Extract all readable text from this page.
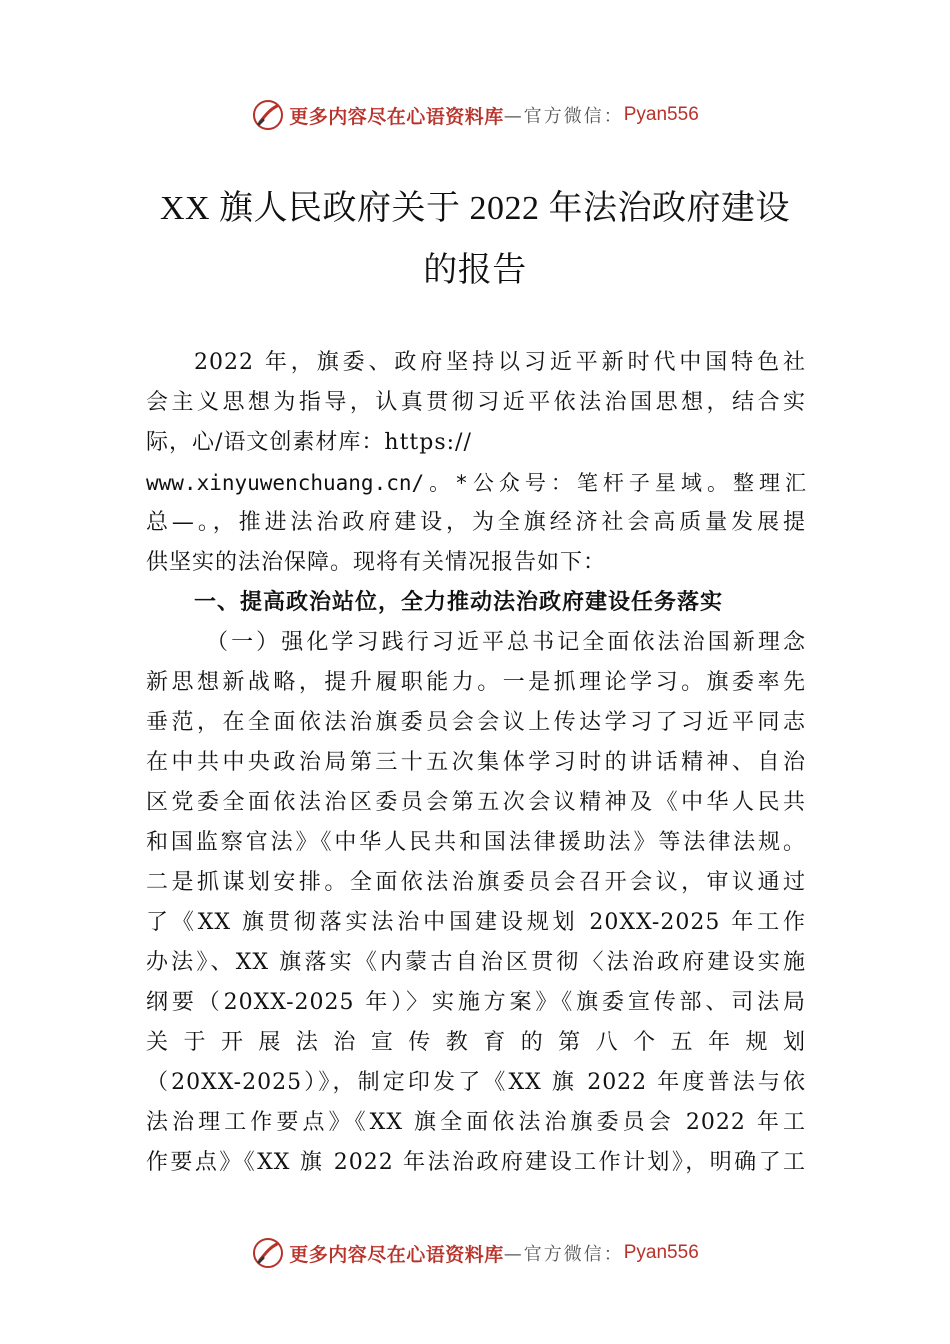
更多内容尽在心语资料库 —官方微信： Pyan556
XX 旗人民政府关于 2022 年法治政府建设
的报告
2022 年，旗委、政府坚持以习近平新时代中国特色社
会主义思想为指导，认真贯彻习近平依法治国思想，结合实
际，心/语文创素材库：https://
www.xinyuwenchuang.cn/。*公众号：笔杆子星域。整理汇
总—。，推进法治政府建设，为全旗经济社会高质量发展提
供坚实的法治保障。现将有关情况报告如下：
一、提高政治站位，全力推动法治政府建设任务落实
（一）强化学习践行习近平总书记全面依法治国新理念
新思想新战略，提升履职能力。一是抓理论学习。旗委率先
垂范，在全面依法治旗委员会会议上传达学习了习近平同志
在中共中央政治局第三十五次集体学习时的讲话精神、自治
区党委全面依法治区委员会第五次会议精神及《中华人民共
和国监察官法》《中华人民共和国法律援助法》等法律法规。
二是抓谋划安排。全面依法治旗委员会召开会议，审议通过
了《XX 旗贯彻落实法治中国建设规划 20XX-2025 年工作
办法》、XX 旗落实《内蒙古自治区贯彻〈法治政府建设实施
纲要（20XX-2025 年）〉实施方案》《旗委宣传部、司法局
关于开展法治宣传教育的第八个五年规划
（20XX-2025）》，制定印发了《XX 旗 2022 年度普法与依
法治理工作要点》《XX 旗全面依法治旗委员会 2022 年工
作要点》《XX 旗 2022 年法治政府建设工作计划》，明确了工
更多内容尽在心语资料库 —官方微信： Pyan556
